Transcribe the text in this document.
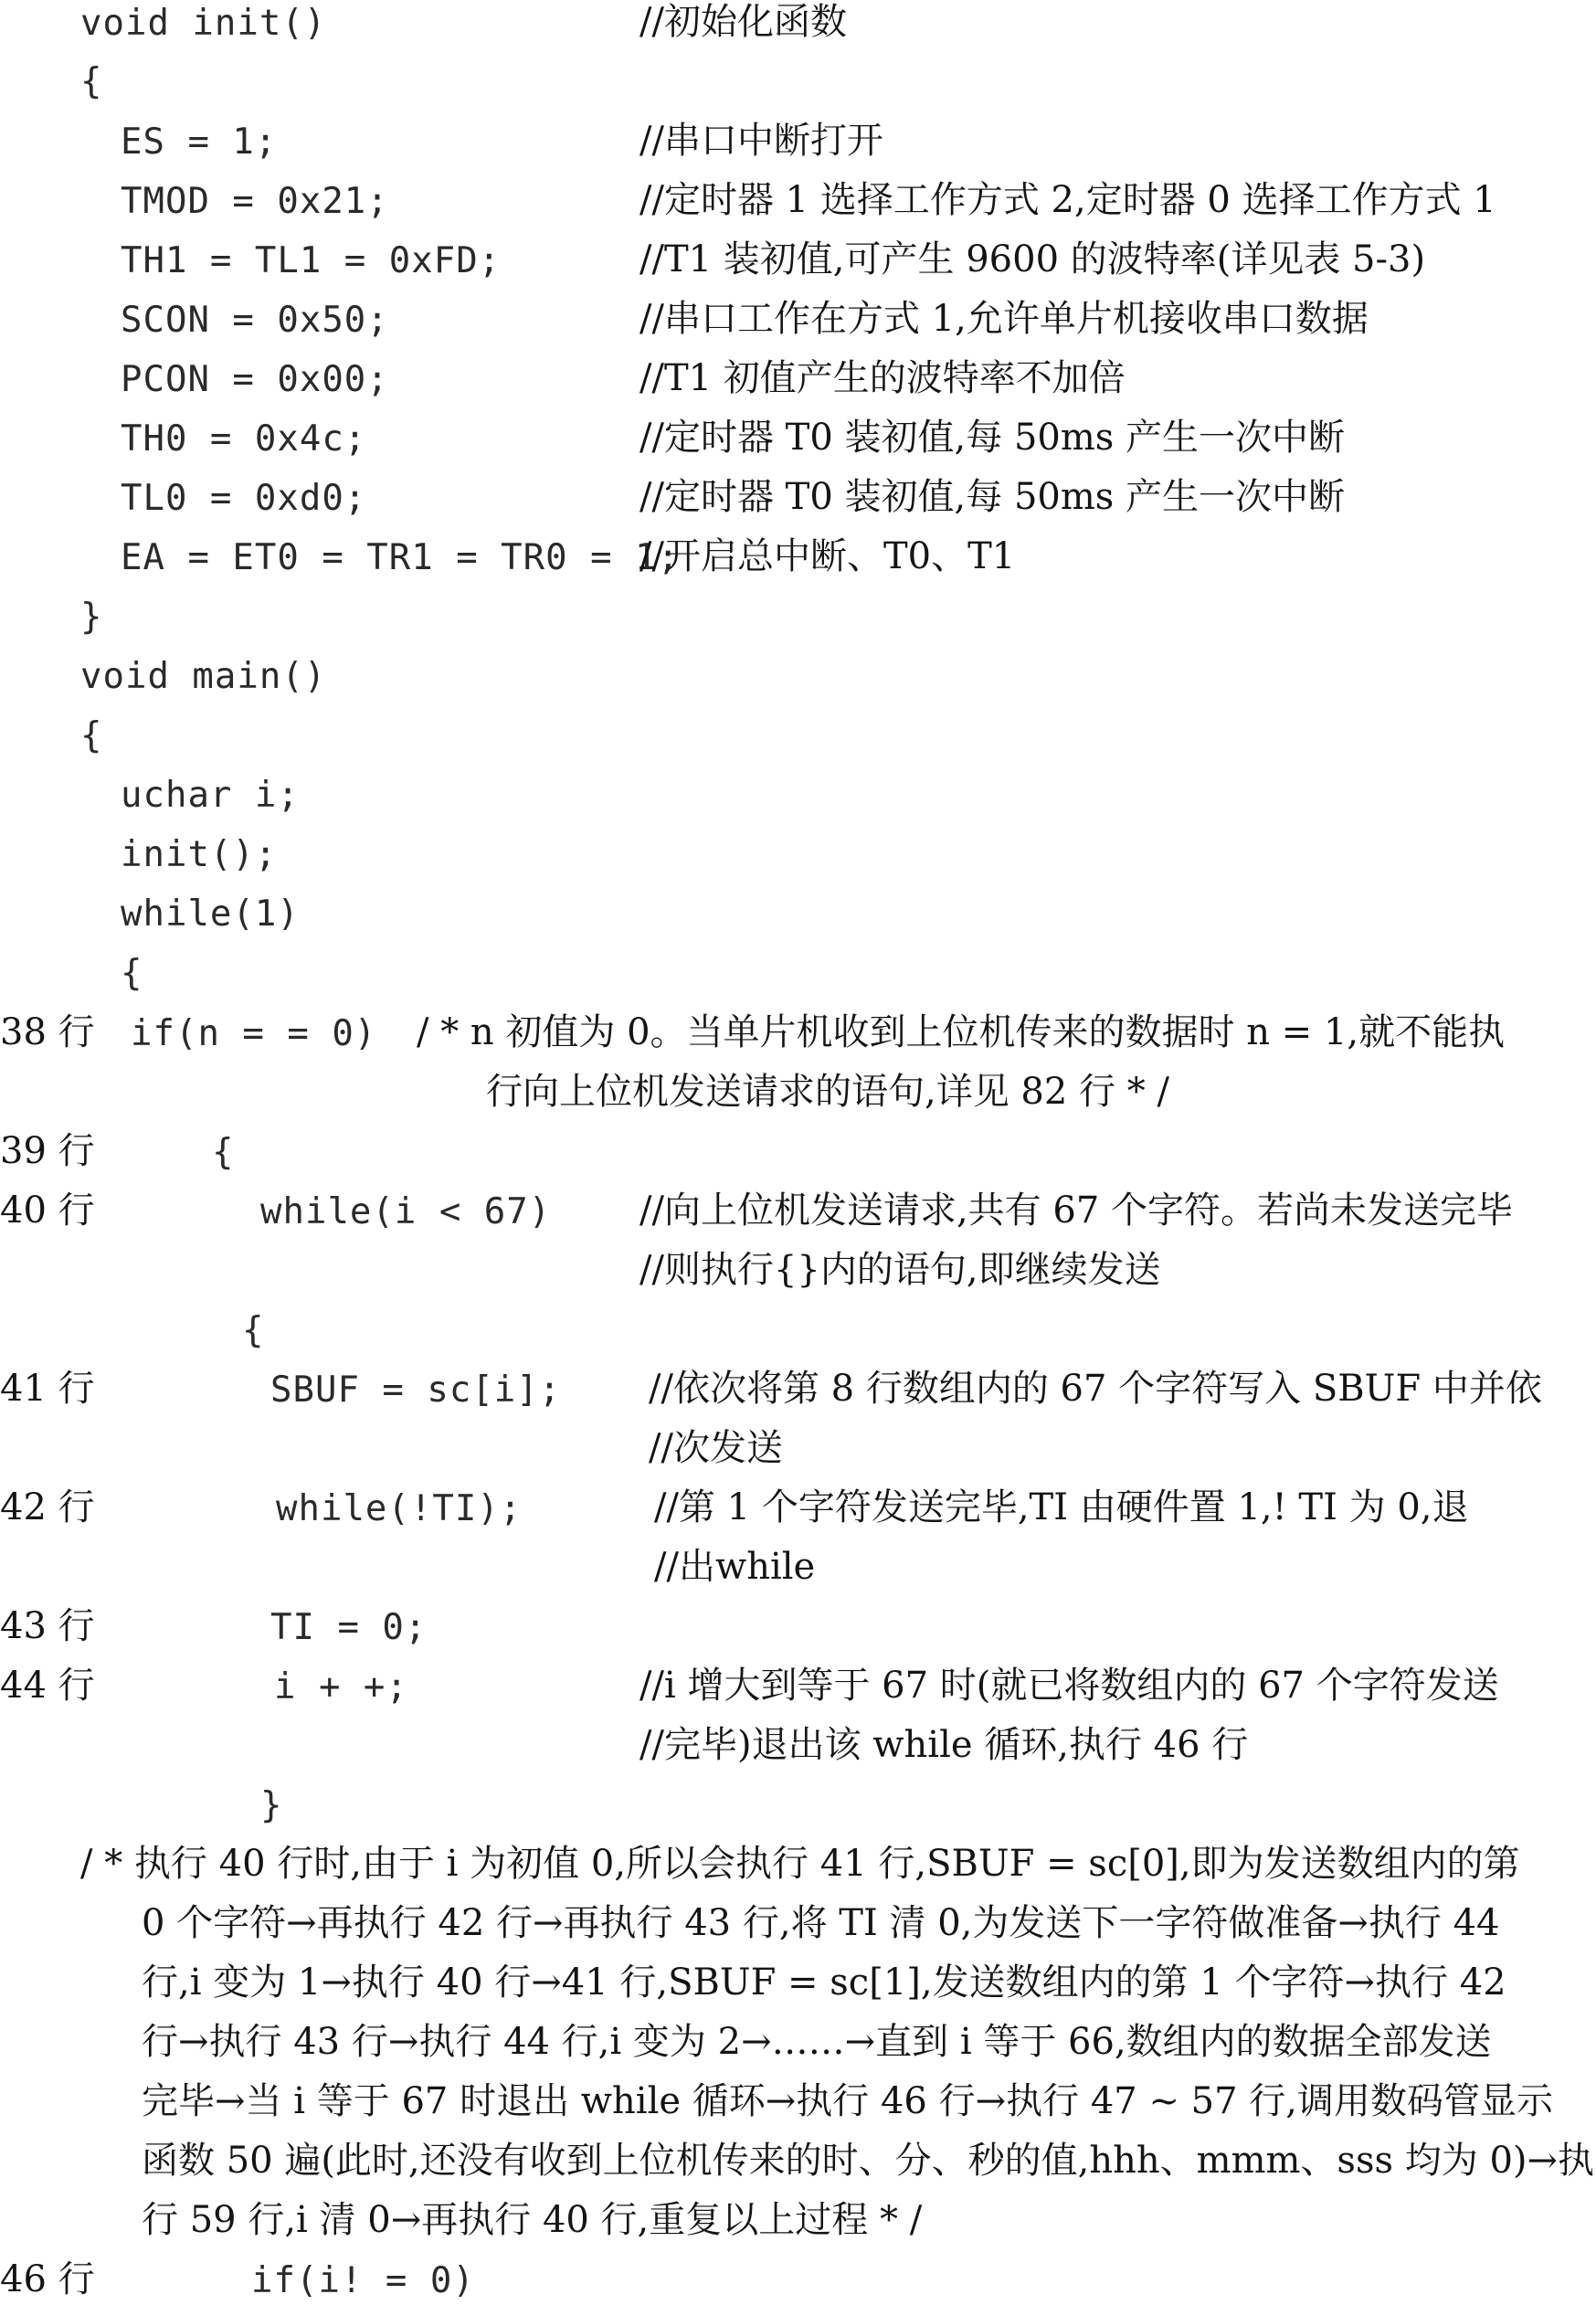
void init()	//初始化函数
{
ES = 1;	//串口中断打开
TMOD = 0x21;	//定时器 1 选择工作方式 2,定时器 0 选择工作方式 1
TH1 = TL1 = 0xFD;	//T1 装初值,可产生 9600 的波特率(详见表 5-3)
SCON = 0x50;	//串口工作在方式 1,允许单片机接收串口数据
PCON = 0x00;	//T1 初值产生的波特率不加倍
TH0 = 0x4c;	//定时器 T0 装初值,每 50ms 产生一次中断
TL0 = 0xd0;	//定时器 T0 装初值,每 50ms 产生一次中断
EA = ET0 = TR1 = TR0 = 1;
//开启总中断、T0、T1
}
void main()
{
uchar i;
init();
while(1)
{
38 行 if(n = = 0) / * n 初值为 0。当单片机收到上位机传来的数据时 n = 1,就不能执
行向上位机发送请求的语句,详见 82 行 * /
39 行	{
40 行	while(i < 67) //向上位机发送请求,共有 67 个字符。若尚未发送完毕
//则执行{}内的语句,即继续发送
{
41 行	SBUF = sc[i]; //依次将第 8 行数组内的 67 个字符写入 SBUF 中并依
//次发送
42 行	while(!TI);	//第 1 个字符发送完毕,TI 由硬件置 1,! TI 为 0,退
//出while
43 行	TI = 0;
44 行	i + +;	//i 增大到等于 67 时(就已将数组内的 67 个字符发送
//完毕)退出该 while 循环,执行 46 行
}
/ * 执行 40 行时,由于 i 为初值 0,所以会执行 41 行,SBUF = sc[0],即为发送数组内的第
0 个字符→再执行 42 行→再执行 43 行,将 TI 清 0,为发送下一字符做准备→执行 44
行,i 变为 1→执行 40 行→41 行,SBUF = sc[1],发送数组内的第 1 个字符→执行 42
行→执行 43 行→执行 44 行,i 变为 2→……→直到 i 等于 66,数组内的数据全部发送
完毕→当 i 等于 67 时退出 while 循环→执行 46 行→执行 47 ~ 57 行,调用数码管显示
函数 50 遍(此时,还没有收到上位机传来的时、分、秒的值,hhh、mmm、sss 均为 0)→执
行 59 行,i 清 0→再执行 40 行,重复以上过程 * /
46 行	if(i! = 0)
